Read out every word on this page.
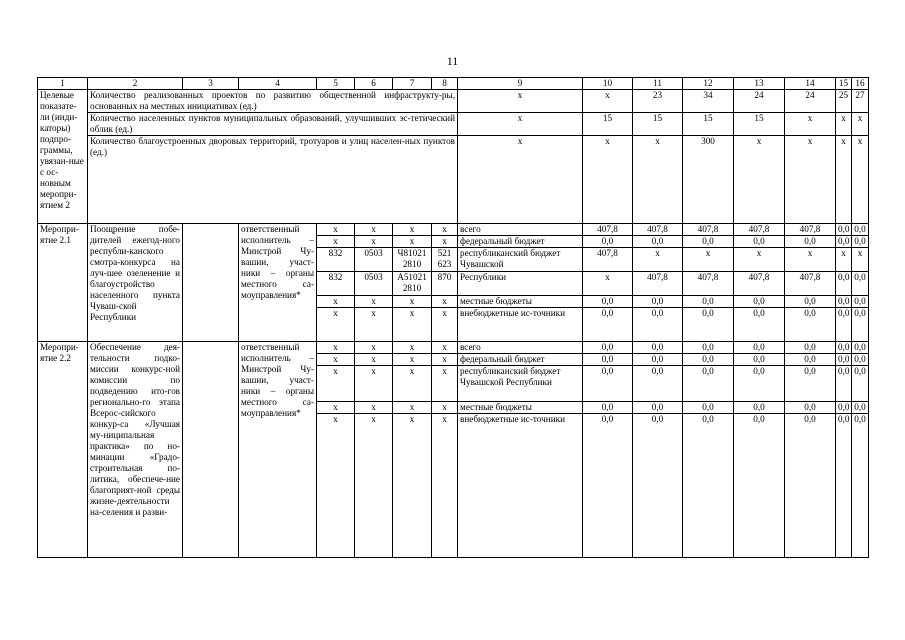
11
1	2	3	4	5	6	7	8	9	10	11	12	13	14	15	16
Целевые показате-ли (инди-каторы) подпро-граммы, увязан-ные с ос-новным меропри-ятием 2	Количество реализованных проектов по развитию общественной инфраструкту-ры, основанных на местных инициативах (ед.)							x	x	23	34	24	24	25	27
	Количество населенных пунктов муниципальных образований, улучшивших эс-тетический облик (ед.)							x	15	15	15	15	x	x	x
	Количество благоустроенных дворовых территорий, тротуаров и улиц населен-ных пунктов (ед.)							x	x	x	300	x	x	x	x
Меропри-ятие 2.1	Поощрение побе-дителей ежегод-ного республи-канского смотра-конкурса на луч-шее озеленение и благоустройство населенного пункта Чуваш-ской Республики		ответственный исполнитель – Минстрой Чу-вашии, участ-ники – органы местного са-моуправления*	x	x	x	x	всего	407,8	407,8	407,8	407,8	407,8	0,0	0,0
				x	x	x	x	федеральный бюджет	0,0	0,0	0,0	0,0	0,0	0,0	0,0
				832	0503	Ч81021 2810	521 623	республиканский бюджет Чувашской	407,8	x	x	x	x	x	x
				832	0503	А51021 2810	870	Республики	x	407,8	407,8	407,8	407,8	0,0	0,0
				x	x	x	x	местные бюджеты	0,0	0,0	0,0	0,0	0,0	0,0	0,0
				x	x	x	x	внебюджетные ис-точники	0,0	0,0	0,0	0,0	0,0	0,0	0,0
Меропри-ятие 2.2	Обеспечение дея-тельности подко-миссии конкурс-ной комиссии по подведению ито-гов регионально-го этапа Всерос-сийского конкур-са «Лучшая му-ниципальная практика» по но-минации «Градо-строительная по-литика, обеспече-ние благоприят-ной среды жизне-деятельности на-селения и разви-		ответственный исполнитель – Минстрой Чу-вашии, участ-ники – органы местного са-моуправления*	x	x	x	x	всего	0,0	0,0	0,0	0,0	0,0	0,0	0,0
				x	x	x	x	федеральный бюджет	0,0	0,0	0,0	0,0	0,0	0,0	0,0
				x	x	x	x	республиканский бюджет Чувашской Республики	0,0	0,0	0,0	0,0	0,0	0,0	0,0
				x	x	x	x	местные бюджеты	0,0	0,0	0,0	0,0	0,0	0,0	0,0
				x	x	x	x	внебюджетные ис-точники	0,0	0,0	0,0	0,0	0,0	0,0	0,0
